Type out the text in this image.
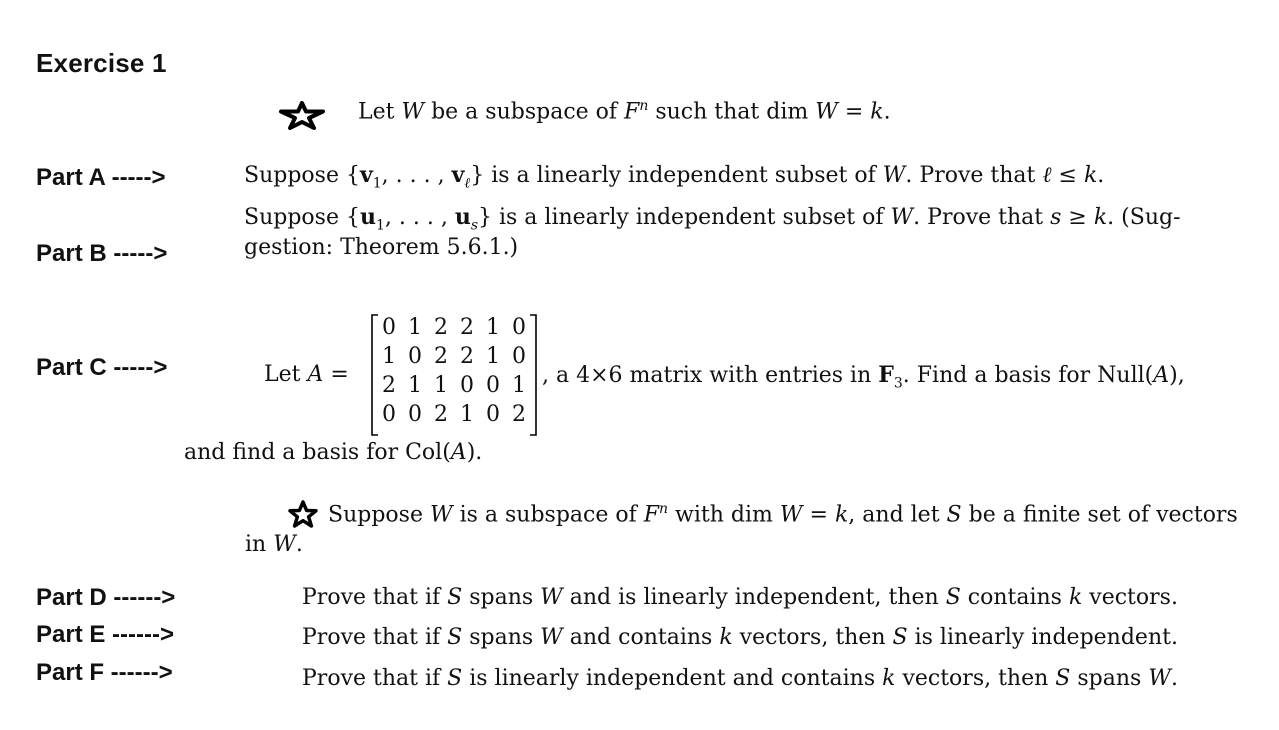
Exercise 1
Part A ----->
Part B ----->
Part C ----->
Part D ------>
Part E ------>
Part F ------>
Let W be a subspace of $F^n$ such that dim W = k.
Suppose {$v_1$, . . . , $v_\ell$} is a linearly independent subset of W. Prove that ℓ ≤ k.
Suppose {$u_1$, . . . , $u_s$} is a linearly independent subset of W. Prove that s ≥ k. (Sug-
gestion: Theorem 5.6.1.)
Let A =
0 1 2 2 1 0
1 0 2 2 1 0
2 1 1 0 0 1
0 0 2 1 0 2
, a 4×6 matrix with entries in $F_3$. Find a basis for Null(A),
and find a basis for Col(A).
Suppose W is a subspace of $F^n$ with dim W = k, and let S be a finite set of vectors
in W.
Prove that if S spans W and is linearly independent, then S contains k vectors.
Prove that if S spans W and contains k vectors, then S is linearly independent.
Prove that if S is linearly independent and contains k vectors, then S spans W.
